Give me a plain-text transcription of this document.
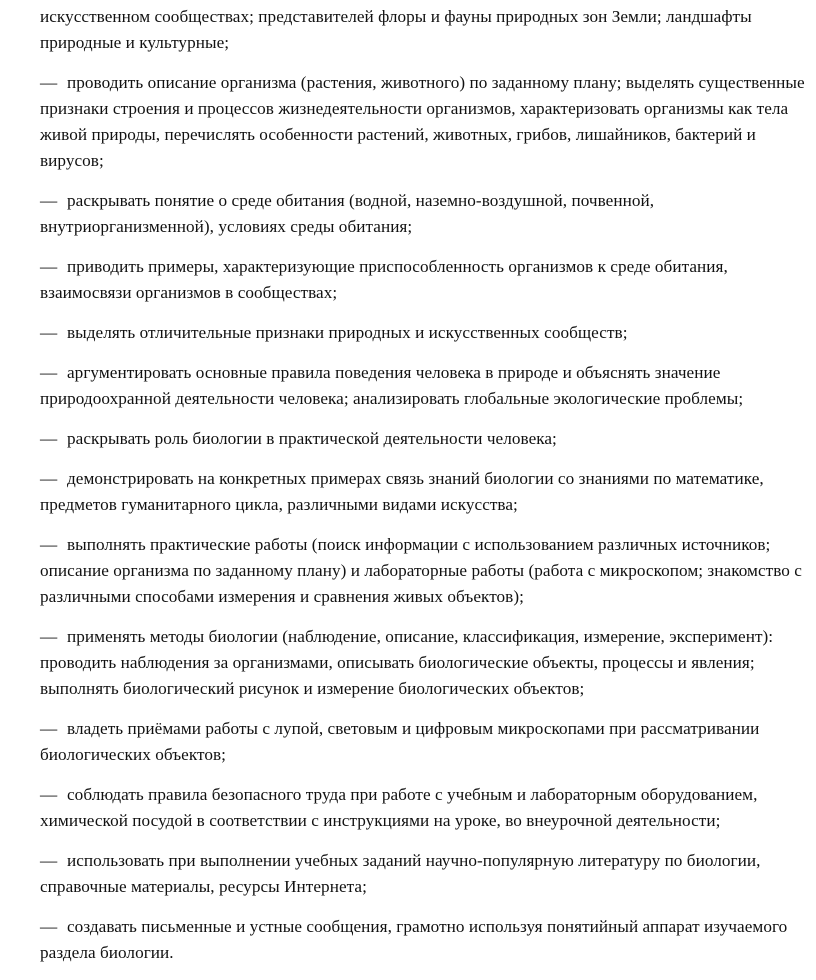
искусственном сообществах; представителей флоры и фауны природных зон Земли; ландшафты природные и культурные;

— проводить описание организма (растения, животного) по заданному плану; выделять существенные признаки строения и процессов жизнедеятельности организмов, характеризовать организмы как тела живой природы, перечислять особенности растений, животных, грибов, лишайников, бактерий и вирусов;

— раскрывать понятие о среде обитания (водной, наземно-воздушной, почвенной, внутриорганизменной), условиях среды обитания;

— приводить примеры, характеризующие приспособленность организмов к среде обитания, взаимосвязи организмов в сообществах;

— выделять отличительные признаки природных и искусственных сообществ;

— аргументировать основные правила поведения человека в природе и объяснять значение природоохранной деятельности человека; анализировать глобальные экологические проблемы;

— раскрывать роль биологии в практической деятельности человека;

— демонстрировать на конкретных примерах связь знаний биологии со знаниями по математике, предметов гуманитарного цикла, различными видами искусства;

— выполнять практические работы (поиск информации с использованием различных источников; описание организма по заданному плану) и лабораторные работы (работа с микроскопом; знакомство с различными способами измерения и сравнения живых объектов);

— применять методы биологии (наблюдение, описание, классификация, измерение, эксперимент): проводить наблюдения за организмами, описывать биологические объекты, процессы и явления; выполнять биологический рисунок и измерение биологических объектов;

— владеть приёмами работы с лупой, световым и цифровым микроскопами при рассматривании биологических объектов;

— соблюдать правила безопасного труда при работе с учебным и лабораторным оборудованием, химической посудой в соответствии с инструкциями на уроке, во внеурочной деятельности;

— использовать при выполнении учебных заданий научно-популярную литературу по биологии, справочные материалы, ресурсы Интернета;

— создавать письменные и устные сообщения, грамотно используя понятийный аппарат изучаемого раздела биологии.
